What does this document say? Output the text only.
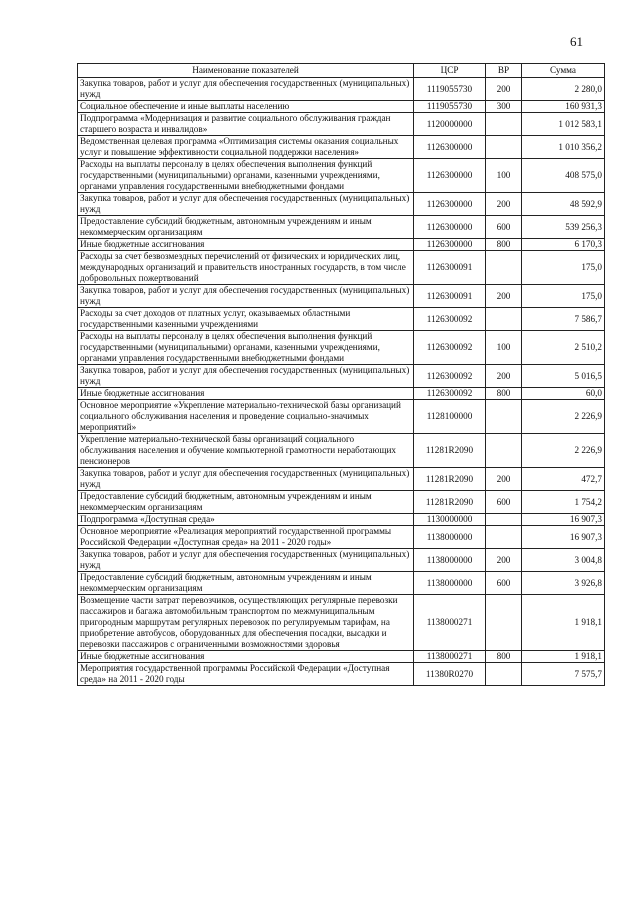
61
Наименование показателей	ЦСР	ВР	Сумма
Закупка товаров, работ и услуг для обеспечения государственных (муниципальных) нужд	1119055730	200	2 280,0
Социальное обеспечение и иные выплаты населению	1119055730	300	160 931,3
Подпрограмма «Модернизация и развитие социального обслуживания граждан старшего возраста и инвалидов»	1120000000		1 012 583,1
Ведомственная целевая программа «Оптимизация системы оказания социальных услуг и повышение эффективности социальной поддержки населения»	1126300000		1 010 356,2
Расходы на выплаты персоналу в целях обеспечения выполнения функций государственными (муниципальными) органами, казенными учреждениями, органами управления государственными внебюджетными фондами	1126300000	100	408 575,0
Закупка товаров, работ и услуг для обеспечения государственных (муниципальных) нужд	1126300000	200	48 592,9
Предоставление субсидий бюджетным, автономным учреждениям и иным некоммерческим организациям	1126300000	600	539 256,3
Иные бюджетные ассигнования	1126300000	800	6 170,3
Расходы за счет безвозмездных перечислений от физических и юридических лиц, международных организаций и правительств иностранных государств, в том числе добровольных пожертвований	1126300091		175,0
Закупка товаров, работ и услуг для обеспечения государственных (муниципальных) нужд	1126300091	200	175,0
Расходы за счет доходов от платных услуг, оказываемых областными государственными казенными учреждениями	1126300092		7 586,7
Расходы на выплаты персоналу в целях обеспечения выполнения функций государственными (муниципальными) органами, казенными учреждениями, органами управления государственными внебюджетными фондами	1126300092	100	2 510,2
Закупка товаров, работ и услуг для обеспечения государственных (муниципальных) нужд	1126300092	200	5 016,5
Иные бюджетные ассигнования	1126300092	800	60,0
Основное мероприятие «Укрепление материально-технической базы организаций социального обслуживания населения и проведение социально-значимых мероприятий»	1128100000		2 226,9
Укрепление материально-технической базы организаций социального обслуживания населения и обучение компьютерной грамотности неработающих пенсионеров	11281R2090		2 226,9
Закупка товаров, работ и услуг для обеспечения государственных (муниципальных) нужд	11281R2090	200	472,7
Предоставление субсидий бюджетным, автономным учреждениям и иным некоммерческим организациям	11281R2090	600	1 754,2
Подпрограмма «Доступная среда»	1130000000		16 907,3
Основное мероприятие «Реализация мероприятий государственной программы Российской Федерации «Доступная среда» на 2011 - 2020 годы»	1138000000		16 907,3
Закупка товаров, работ и услуг для обеспечения государственных (муниципальных) нужд	1138000000	200	3 004,8
Предоставление субсидий бюджетным, автономным учреждениям и иным некоммерческим организациям	1138000000	600	3 926,8
Возмещение части затрат перевозчиков, осуществляющих регулярные перевозки пассажиров и багажа автомобильным транспортом по межмуниципальным пригородным маршрутам регулярных перевозок по регулируемым тарифам, на приобретение автобусов, оборудованных для обеспечения посадки, высадки и перевозки пассажиров с ограниченными возможностями здоровья	1138000271		1 918,1
Иные бюджетные ассигнования	1138000271	800	1 918,1
Мероприятия государственной программы Российской Федерации «Доступная среда» на 2011 - 2020 годы	11380R0270		7 575,7
